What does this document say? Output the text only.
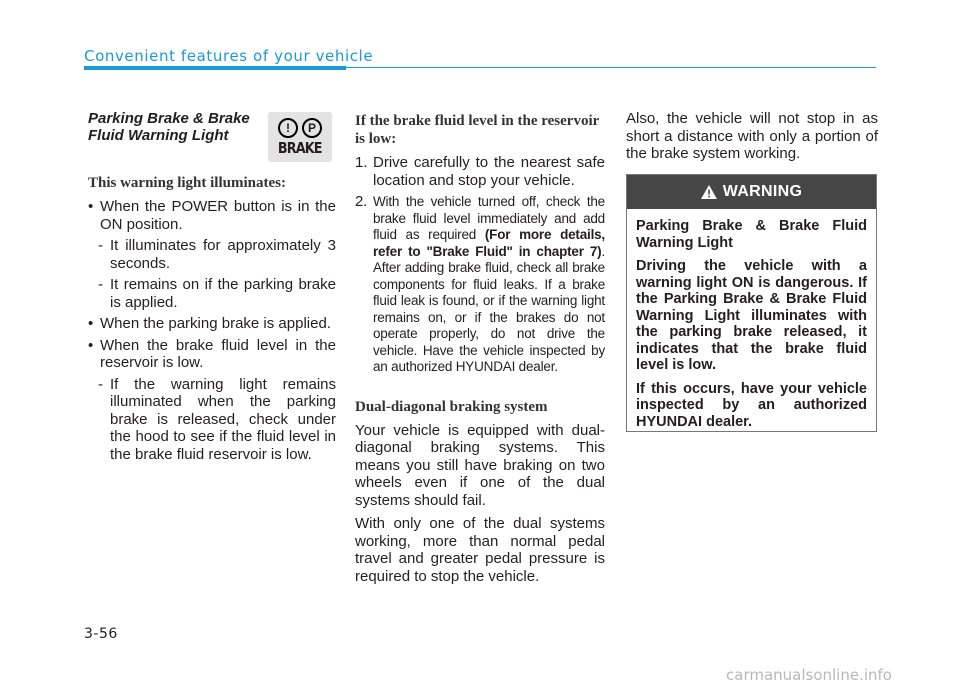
Convenient features of your vehicle
Parking Brake & Brake Fluid Warning Light
This warning light illuminates:
• When the POWER button is in the ON position.
- It illuminates for approximately 3 seconds.
- It remains on if the parking brake is applied.
• When the parking brake is applied.
• When the brake fluid level in the reservoir is low.
- If the warning light remains illuminated when the parking brake is released, check under the hood to see if the fluid level in the brake fluid reservoir is low.
!	P
BRAKE
If the brake fluid level in the reservoir is low:
1. Drive carefully to the nearest safe location and stop your vehicle.
2. With the vehicle turned off, check the brake fluid level immediately and add fluid as required (For more details, refer to "Brake Fluid" in chapter 7). After adding brake fluid, check all brake components for fluid leaks. If a brake fluid leak is found, or if the warning light remains on, or if the brakes do not operate properly, do not drive the vehicle. Have the vehicle inspected by an authorized HYUNDAI dealer.
Dual-diagonal braking system

Your vehicle is equipped with dual-diagonal braking systems. This means you still have braking on two wheels even if one of the dual systems should fail.

With only one of the dual systems working, more than normal pedal travel and greater pedal pressure is required to stop the vehicle.

Also, the vehicle will not stop in as short a distance with only a portion of the brake system working.

WARNING

Parking Brake & Brake Fluid Warning Light

Driving the vehicle with a warning light ON is dangerous. If the Parking Brake & Brake Fluid Warning Light illuminates with the parking brake released, it indicates that the brake fluid level is low.

If this occurs, have your vehicle inspected by an authorized HYUNDAI dealer.

3-56
carmanualsonline.info
